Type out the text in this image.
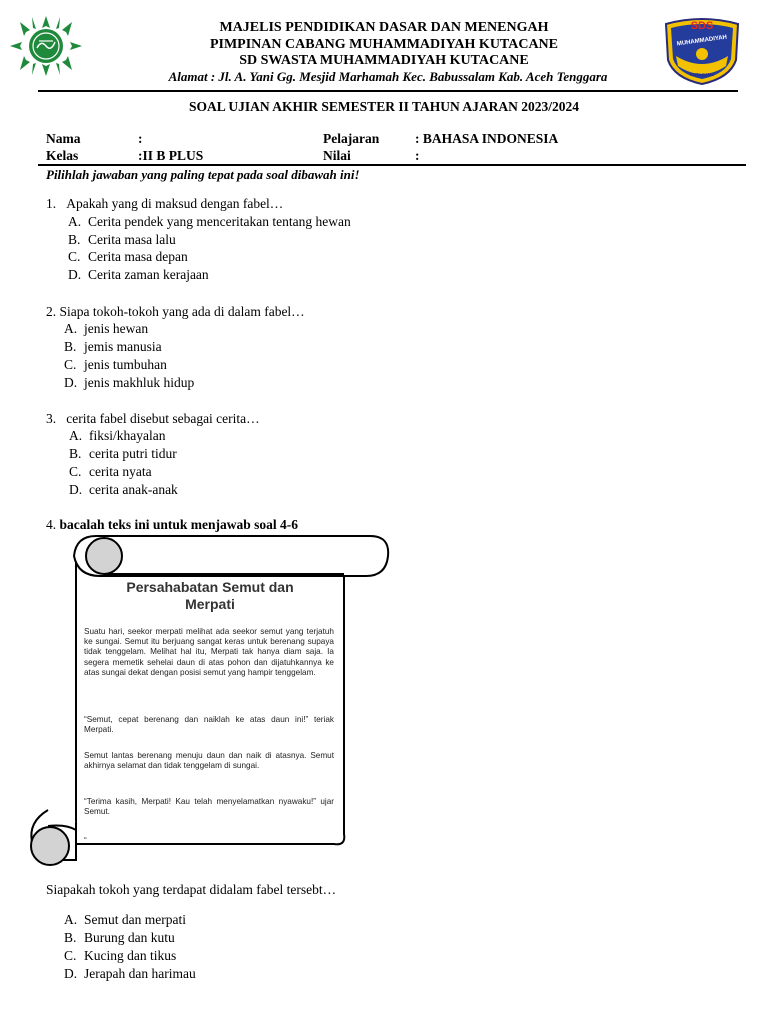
SDS
MUHAMMADIYAH
KUTACANE
MAJELIS PENDIDIKAN DASAR DAN MENENGAH
PIMPINAN CABANG MUHAMMADIYAH KUTACANE
SD SWASTA MUHAMMADIYAH KUTACANE
Alamat : Jl. A. Yani Gg. Mesjid Marhamah Kec. Babussalam Kab. Aceh Tenggara
SOAL UJIAN AKHIR SEMESTER II TAHUN AJARAN 2023/2024
Nama	:	Pelajaran	: BAHASA INDONESIA
Kelas	:II B PLUS	Nilai	:
Pilihlah jawaban yang paling tepat pada soal dibawah ini!
1. Apakah yang di maksud dengan fabel…
A. Cerita pendek yang menceritakan tentang hewan
B. Cerita masa lalu
C. Cerita masa depan
D. Cerita zaman kerajaan
2. Siapa tokoh-tokoh yang ada di dalam fabel…
A. jenis hewan
B. jemis manusia
C. jenis tumbuhan
D. jenis makhluk hidup
3. cerita fabel disebut sebagai cerita…
A. fiksi/khayalan
B. cerita putri tidur
C. cerita nyata
D. cerita anak-anak
4. bacalah teks ini untuk menjawab soal 4-6
Persahabatan Semut dan
Merpati

Suatu hari, seekor merpati melihat ada seekor semut yang terjatuh ke sungai. Semut itu berjuang sangat keras untuk berenang supaya tidak tenggelam. Melihat hal itu, Merpati tak hanya diam saja. Ia segera memetik sehelai daun di atas pohon dan dijatuhkannya ke atas sungai dekat dengan posisi semut yang hampir tenggelam.

“Semut, cepat berenang dan naiklah ke atas daun ini!” teriak Merpati.

Semut lantas berenang menuju daun dan naik di atasnya. Semut akhirnya selamat dan tidak tenggelam di sungai.

“Terima kasih, Merpati! Kau telah menyelamatkan nyawaku!” ujar Semut.

“

Siapakah tokoh yang terdapat didalam fabel tersebt…
A. Semut dan merpati
B. Burung dan kutu
C. Kucing dan tikus
D. Jerapah dan harimau
